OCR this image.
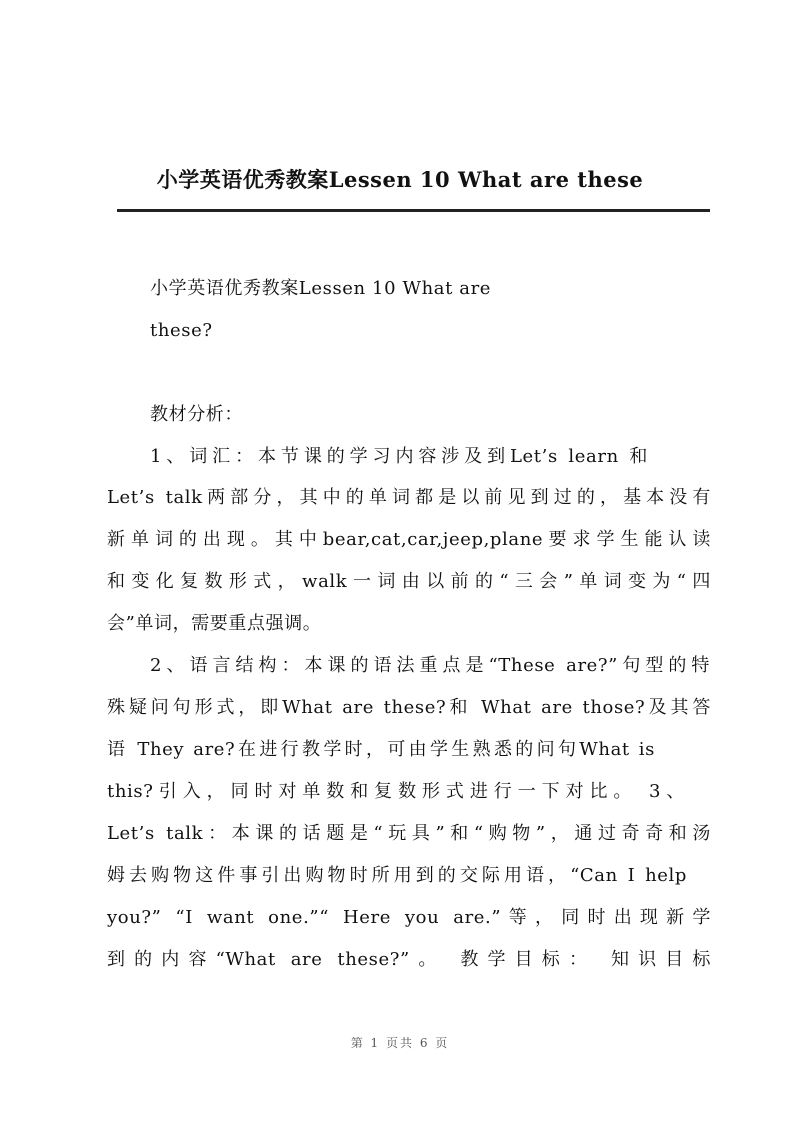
小学英语优秀教案Lessen 10 What are these
小学英语优秀教案Lessen 10 What are
these?
教材分析：
1、词汇：本节课的学习内容涉及到Let’s learn 和
Let’s talk两部分，其中的单词都是以前见到过的，基本没有
新单词的出现。其中bear,cat,car,jeep,plane要求学生能认读
和变化复数形式，walk一词由以前的“三会”单词变为“四
会”单词，需要重点强调。
2、语言结构：本课的语法重点是“These are?”句型的特
殊疑问句形式，即What are these?和 What are those?及其答
语 They are?在进行教学时，可由学生熟悉的问句What is
this?引入，同时对单数和复数形式进行一下对比。 3、
Let’s talk：本课的话题是“玩具”和“购物”，通过奇奇和汤
姆去购物这件事引出购物时所用到的交际用语，“Can I help
you?” “I want one.”“ Here you are.”等，同时出现新学
到的内容“What are these?”。 教学目标： 知识目标
第 1 页共 6 页
